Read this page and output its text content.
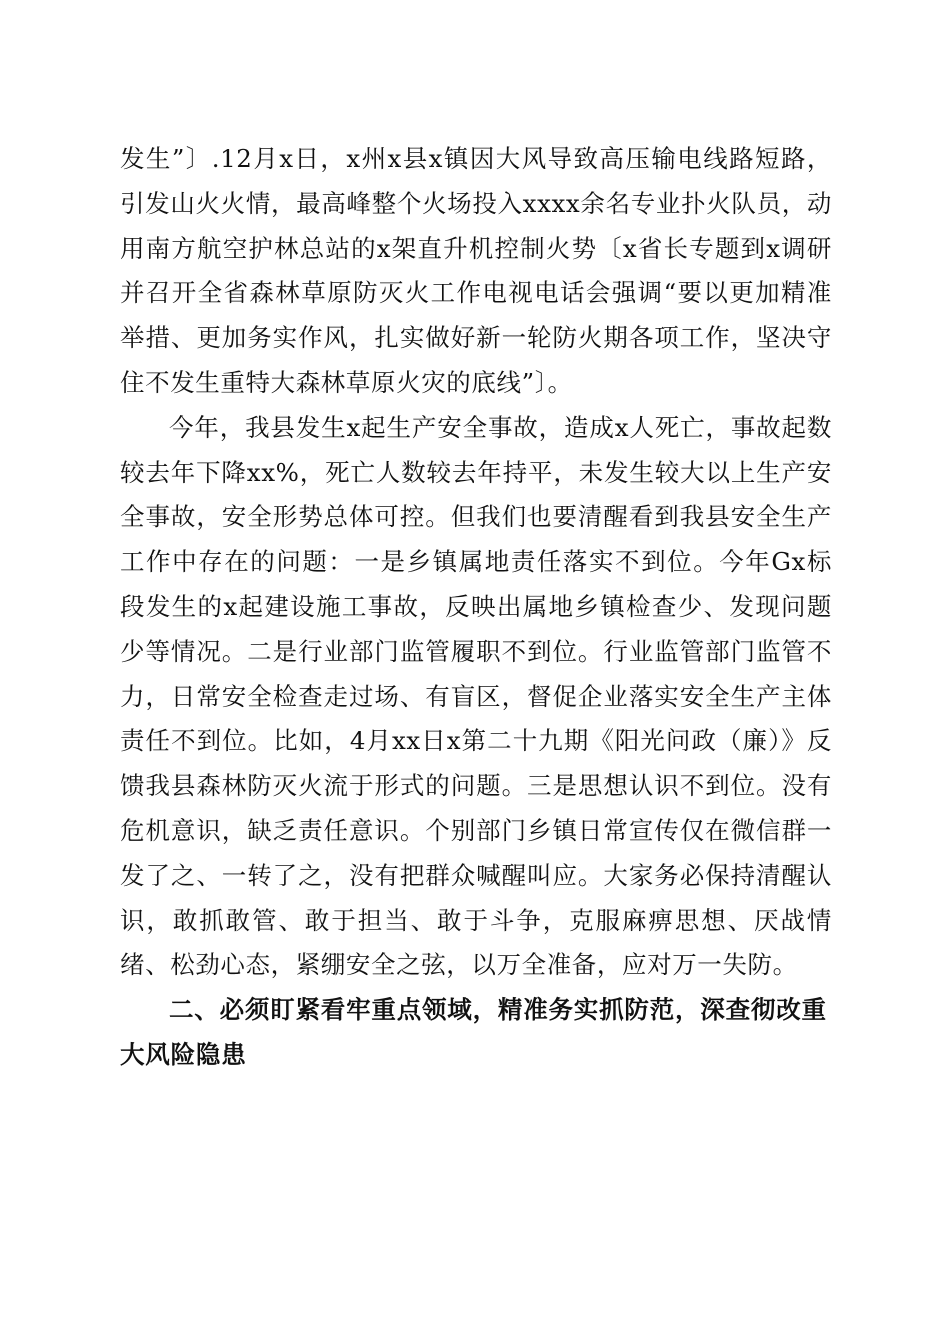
发生”〕.12月x日，x州x县x镇因大风导致高压输电线路短路，引发山火火情，最高峰整个火场投入xxxx余名专业扑火队员，动用南方航空护林总站的x架直升机控制火势〔x省长专题到x调研并召开全省森林草原防灭火工作电视电话会强调“要以更加精准举措、更加务实作风，扎实做好新一轮防火期各项工作，坚决守住不发生重特大森林草原火灾的底线”〕。

今年，我县发生x起生产安全事故，造成x人死亡，事故起数较去年下降xx%，死亡人数较去年持平，未发生较大以上生产安全事故，安全形势总体可控。但我们也要清醒看到我县安全生产工作中存在的问题：一是乡镇属地责任落实不到位。今年Gx标段发生的x起建设施工事故，反映出属地乡镇检查少、发现问题少等情况。二是行业部门监管履职不到位。行业监管部门监管不力，日常安全检查走过场、有盲区，督促企业落实安全生产主体责任不到位。比如，4月xx日x第二十九期《阳光问政（廉）》反馈我县森林防灭火流于形式的问题。三是思想认识不到位。没有危机意识，缺乏责任意识。个别部门乡镇日常宣传仅在微信群一发了之、一转了之，没有把群众喊醒叫应。大家务必保持清醒认识，敢抓敢管、敢于担当、敢于斗争，克服麻痹思想、厌战情绪、松劲心态，紧绷安全之弦，以万全准备，应对万一失防。

二、必须盯紧看牢重点领域，精准务实抓防范，深查彻改重大风险隐患
